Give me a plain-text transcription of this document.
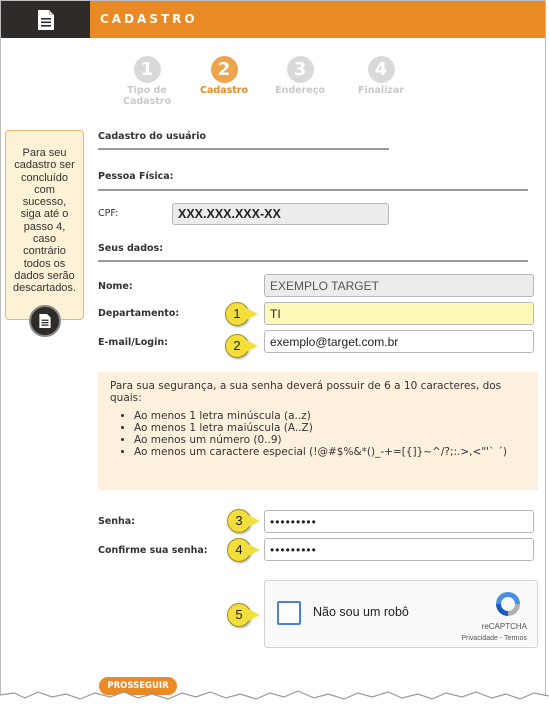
CADASTRO
1
Tipo de Cadastro
2
Cadastro
3
Endereço
4
Finalizar

Para seu cadastro ser concluído com sucesso, siga até o passo 4, caso contrário todos os dados serão descartados.

Cadastro do usuário
Pessoa Física:
CPF:	XXX.XXX.XXX-XX
Seus dados:
Nome:	EXEMPLO TARGET
Departamento:	1	TI
E-mail/Login:	2	exemplo@target.com.br
Para sua segurança, a sua senha deverá possuir de 6 a 10 caracteres, dos quais:
• Ao menos 1 letra minúscula (a..z)
• Ao menos 1 letra maiúscula (A..Z)
• Ao menos um número (0..9)
• Ao menos um caractere especial (!@#$%&*()_-+=[{]}~^/?;:.>,<"'` ´)
Senha:	3	•••••••••
Confirme sua senha:	4	•••••••••
5	Não sou um robô
reCAPTCHA
Privacidade - Termos
PROSSEGUIR
